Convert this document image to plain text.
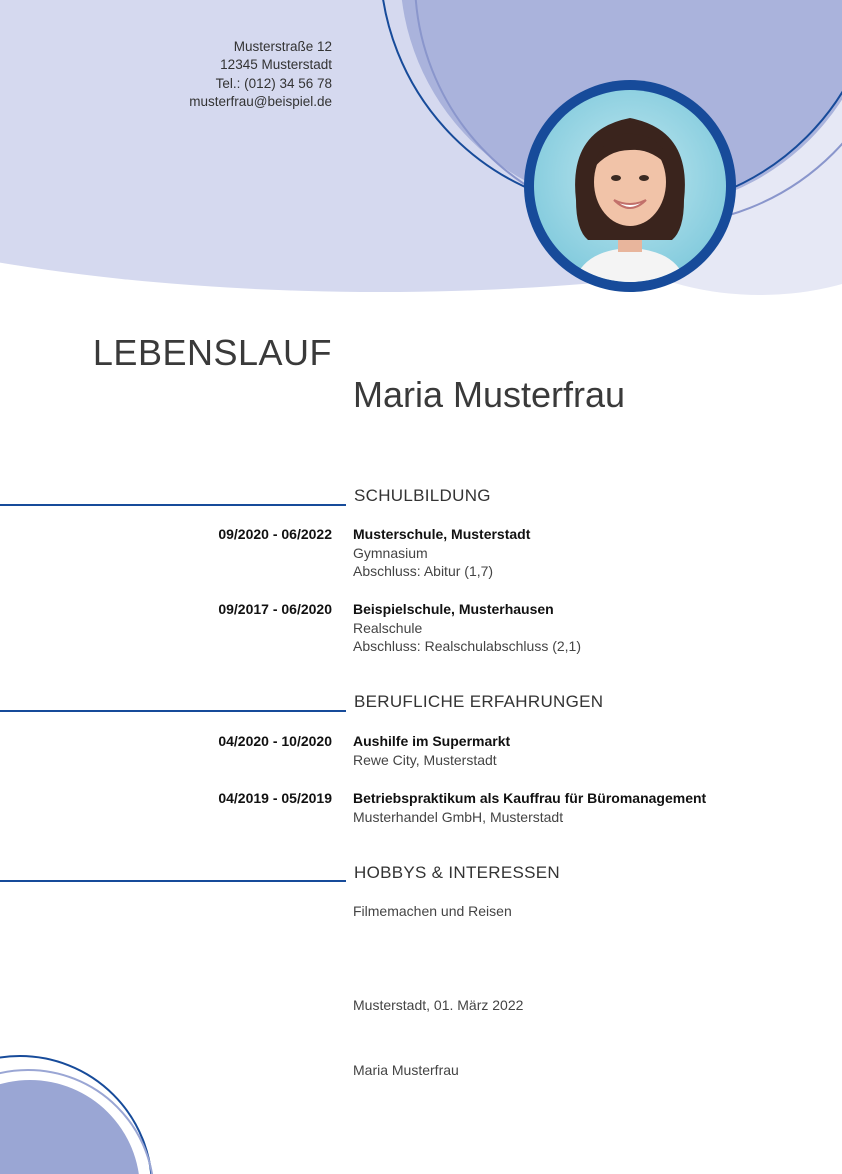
Musterstraße 12
12345 Musterstadt
Tel.: (012) 34 56 78
musterfrau@beispiel.de
LEBENSLAUF
Maria Musterfrau
SCHULBILDUNG
09/2020 - 06/2022 Musterschule, Musterstadt
Gymnasium
Abschluss: Abitur (1,7)
09/2017 - 06/2020 Beispielschule, Musterhausen
Realschule
Abschluss: Realschulabschluss (2,1)
BERUFLICHE ERFAHRUNGEN
04/2020 - 10/2020 Aushilfe im Supermarkt
Rewe City, Musterstadt
04/2019 - 05/2019 Betriebspraktikum als Kauffrau für Büromanagement
Musterhandel GmbH, Musterstadt
HOBBYS & INTERESSEN
Filmemachen und Reisen
Musterstadt, 01. März 2022
Maria Musterfrau
